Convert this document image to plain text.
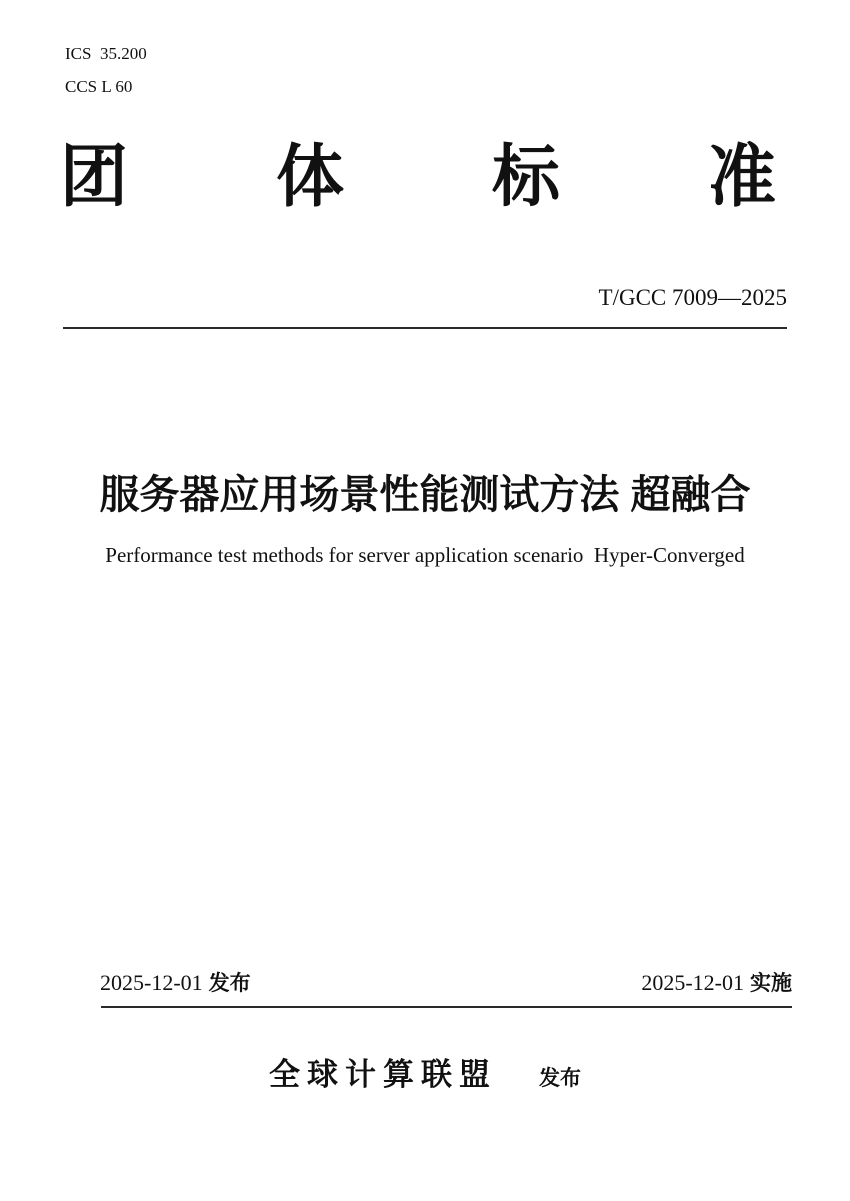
ICS  35.200
CCS L 60
团 体 标 准
T/GCC 7009—2025
服务器应用场景性能测试方法 超融合
Performance test methods for server application scenario  Hyper-Converged
2025-12-01 发布	2025-12-01 实施
全球计算联盟 发布
